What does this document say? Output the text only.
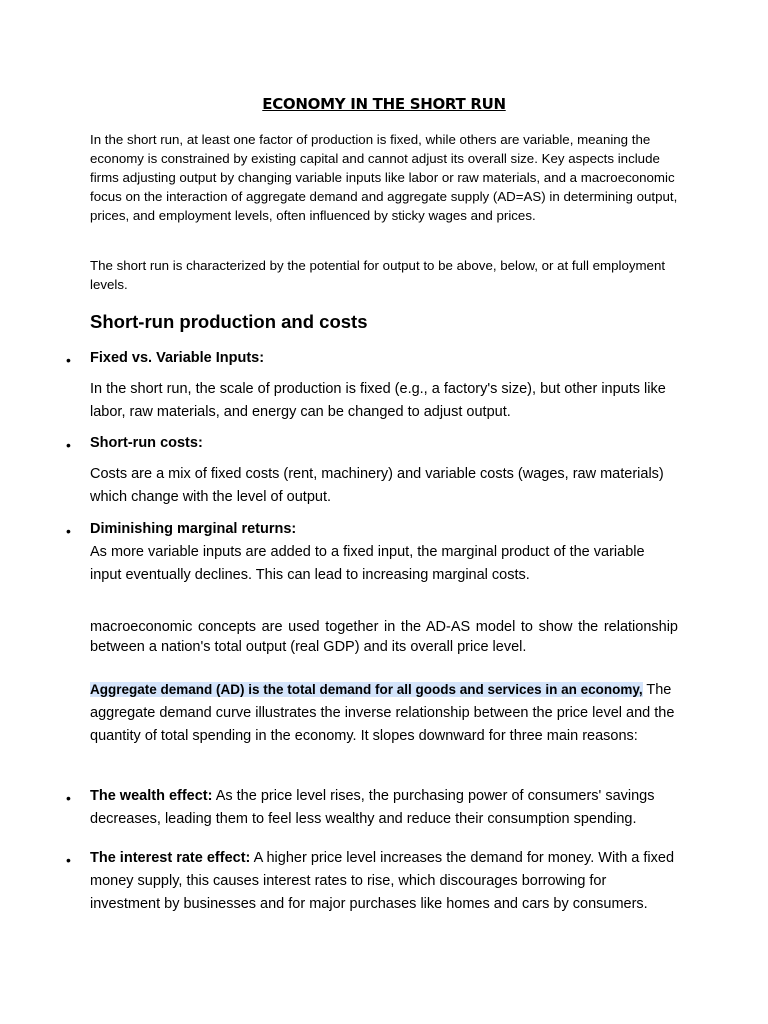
ECONOMY IN THE SHORT RUN

In the short run, at least one factor of production is fixed, while others are variable, meaning the economy is constrained by existing capital and cannot adjust its overall size. Key aspects include firms adjusting output by changing variable inputs like labor or raw materials, and a macroeconomic focus on the interaction of aggregate demand and aggregate supply (AD=AS) in determining output, prices, and employment levels, often influenced by sticky wages and prices.

The short run is characterized by the potential for output to be above, below, or at full employment levels.

Short-run production and costs
• Fixed vs. Variable Inputs:

In the short run, the scale of production is fixed (e.g., a factory's size), but other inputs like labor, raw materials, and energy can be changed to adjust output.

• Short-run costs:

Costs are a mix of fixed costs (rent, machinery) and variable costs (wages, raw materials) which change with the level of output.

• Diminishing marginal returns:

As more variable inputs are added to a fixed input, the marginal product of the variable input eventually declines. This can lead to increasing marginal costs.

macroeconomic concepts are used together in the AD-AS model to show the relationship between a nation's total output (real GDP) and its overall price level.

Aggregate demand (AD) is the total demand for all goods and services in an economy, The aggregate demand curve illustrates the inverse relationship between the price level and the quantity of total spending in the economy. It slopes downward for three main reasons:

• The wealth effect: As the price level rises, the purchasing power of consumers' savings decreases, leading them to feel less wealthy and reduce their consumption spending.

• The interest rate effect: A higher price level increases the demand for money. With a fixed money supply, this causes interest rates to rise, which discourages borrowing for investment by businesses and for major purchases like homes and cars by consumers.
